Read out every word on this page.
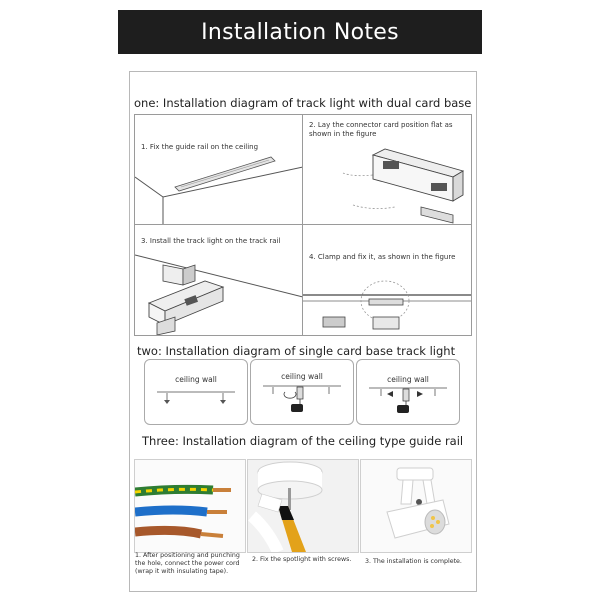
Installation Notes
one: Installation diagram of track light with dual card base
1. Fix the guide rail on the ceiling
2. Lay the connector card position flat as shown in the figure
3. Install the track light on the track rail
4. Clamp and fix it, as shown in the figure
two: Installation diagram of single card base track light
ceiling wall	ceiling wall	ceiling wall
Three: Installation diagram of the ceiling type guide rail
1. After positioning and punching the hole, connect the power cord (wrap it with insulating tape).
2. Fix the spotlight with screws.	3. The installation is complete.
